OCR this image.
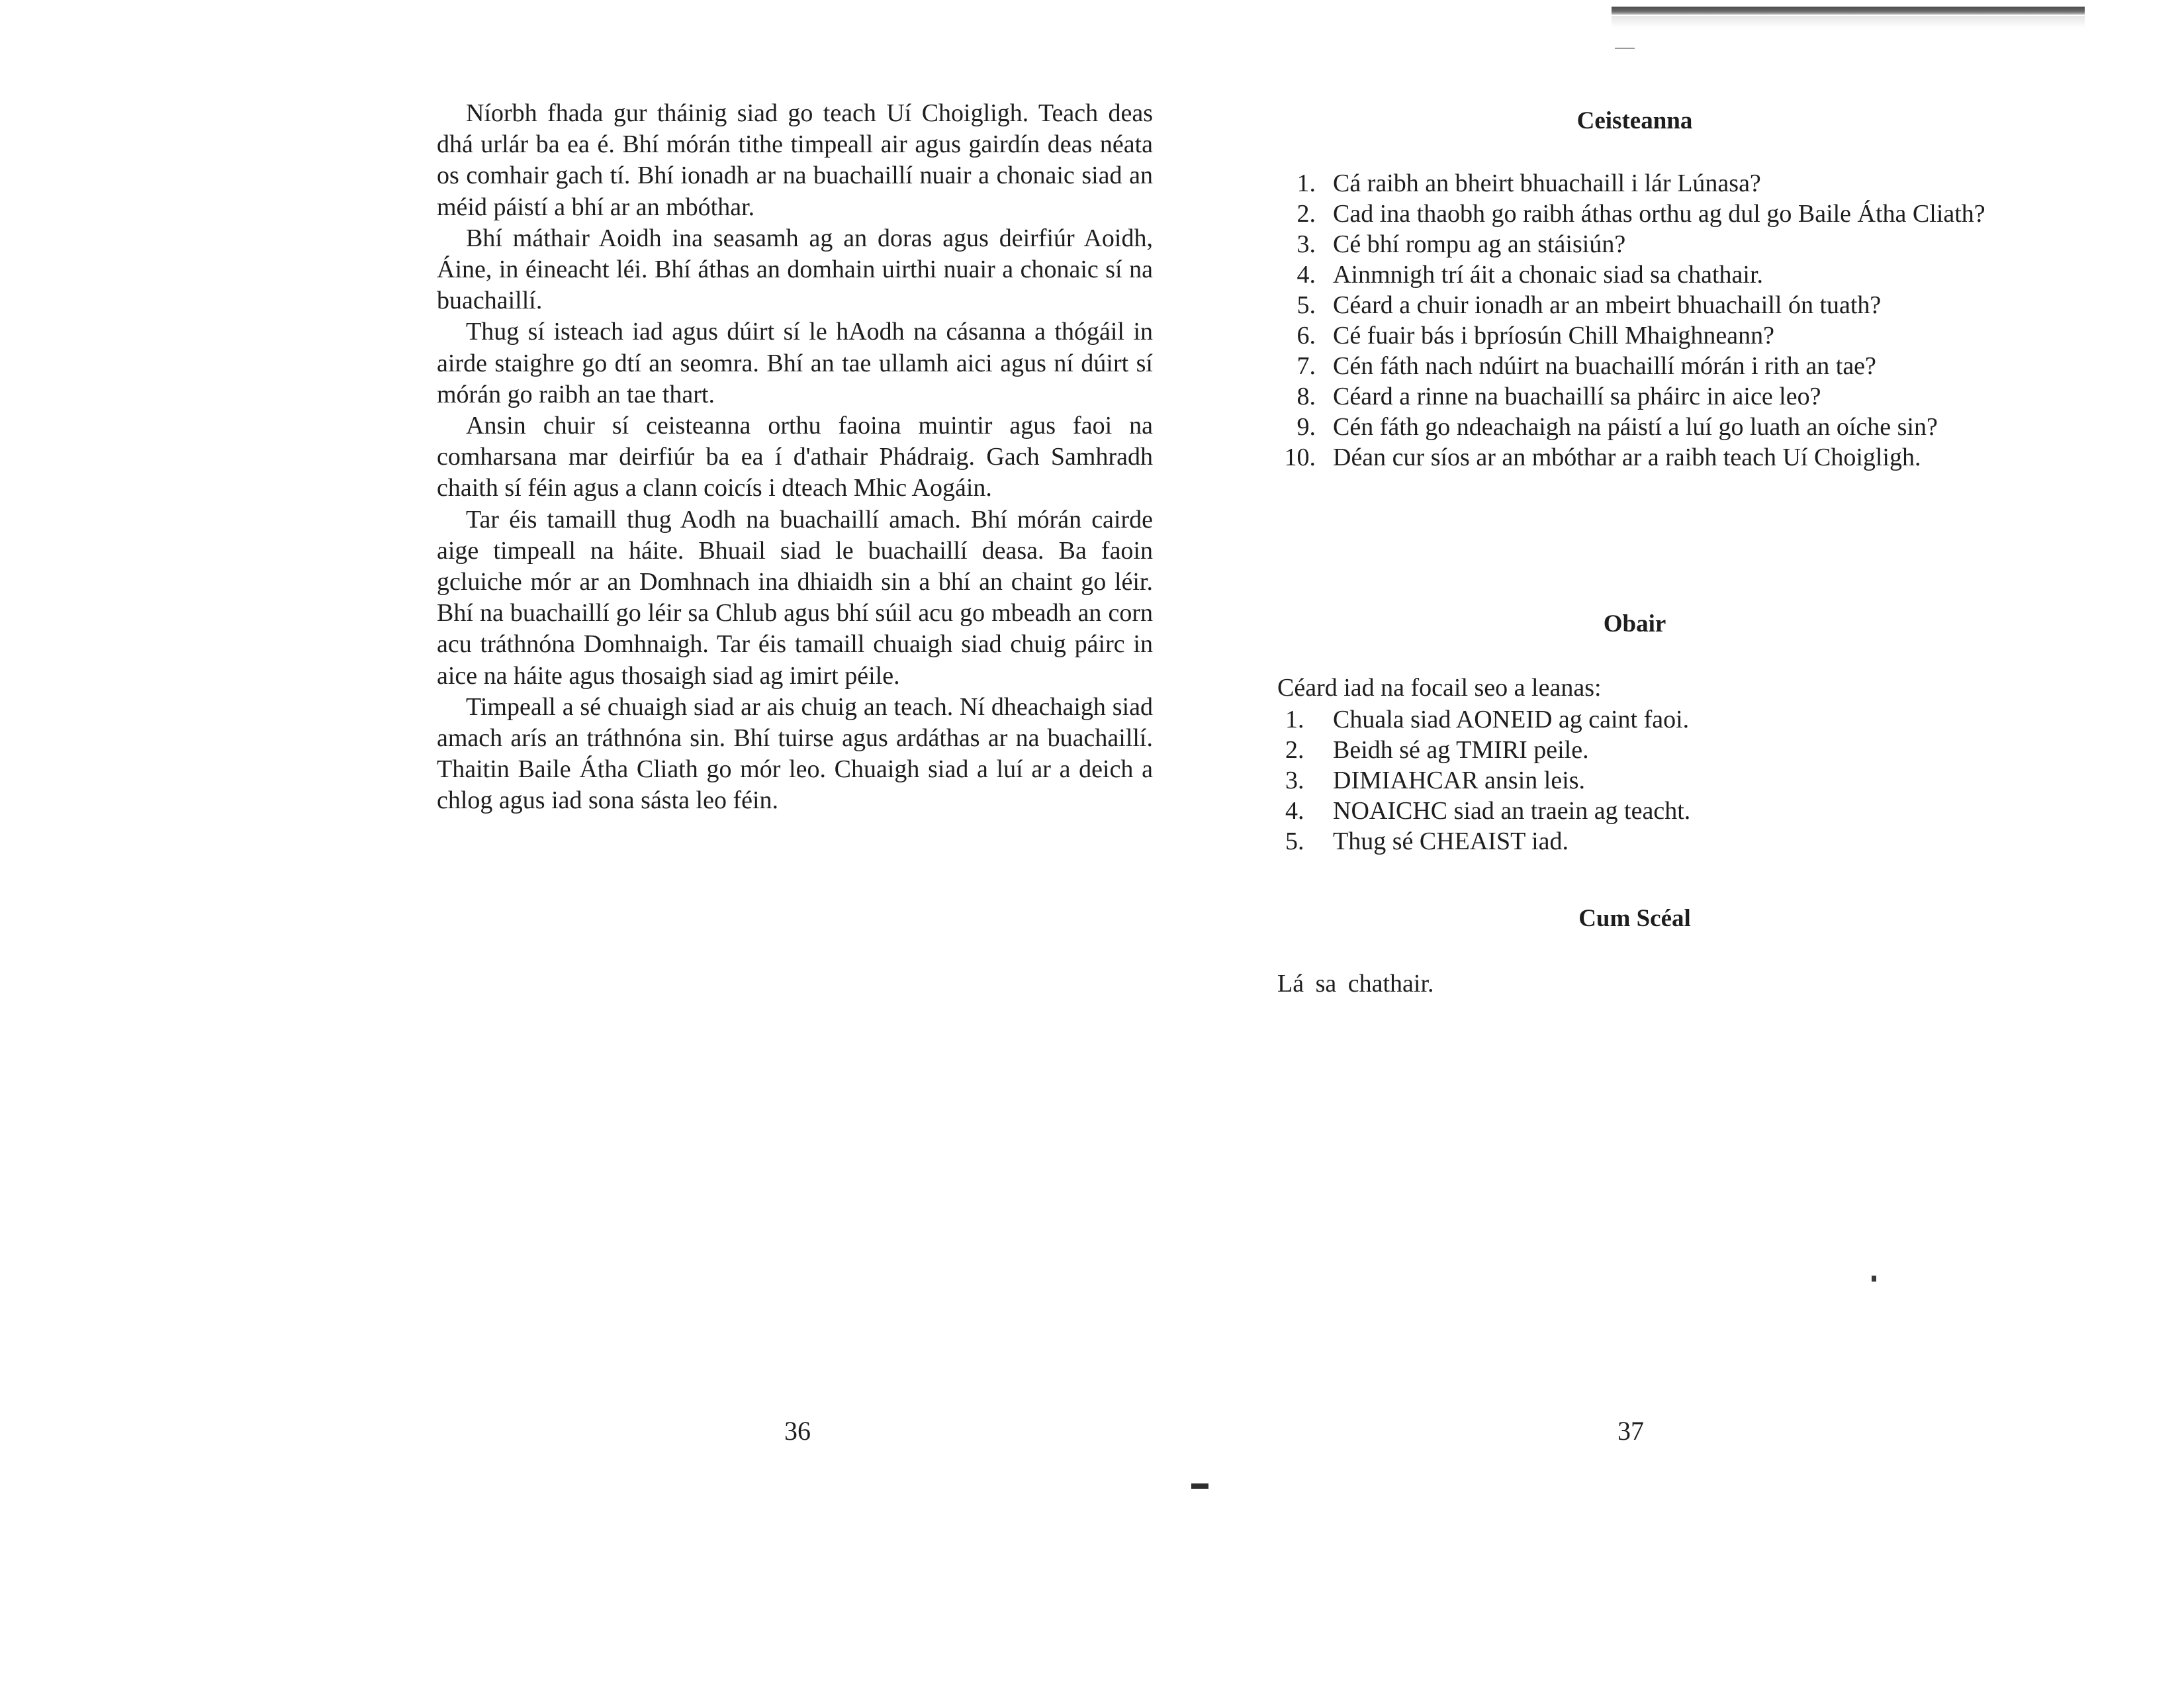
Níorbh fhada gur tháinig siad go teach Uí Choigligh. Teach deas dhá urlár ba ea é. Bhí mórán tithe timpeall air agus gairdín deas néata os comhair gach tí. Bhí ionadh ar na buachaillí nuair a chonaic siad an méid páistí a bhí ar an mbóthar.

Bhí máthair Aoidh ina seasamh ag an doras agus deirfiúr Aoidh, Áine, in éineacht léi. Bhí áthas an domhain uirthi nuair a chonaic sí na buachaillí.

Thug sí isteach iad agus dúirt sí le hAodh na cásanna a thógáil in airde staighre go dtí an seomra. Bhí an tae ullamh aici agus ní dúirt sí mórán go raibh an tae thart.

Ansin chuir sí ceisteanna orthu faoina muintir agus faoi na comharsana mar deirfiúr ba ea í d'athair Phádraig. Gach Samhradh chaith sí féin agus a clann coicís i dteach Mhic Aogáin.

Tar éis tamaill thug Aodh na buachaillí amach. Bhí mórán cairde aige timpeall na háite. Bhuail siad le buachaillí deasa. Ba faoin gcluiche mór ar an Domhnach ina dhiaidh sin a bhí an chaint go léir. Bhí na buachaillí go léir sa Chlub agus bhí súil acu go mbeadh an corn acu tráthnóna Domhnaigh. Tar éis tamaill chuaigh siad chuig páirc in aice na háite agus thosaigh siad ag imirt péile.

Timpeall a sé chuaigh siad ar ais chuig an teach. Ní dheachaigh siad amach arís an tráthnóna sin. Bhí tuirse agus ardáthas ar na buachaillí. Thaitin Baile Átha Cliath go mór leo. Chuaigh siad a luí ar a deich a chlog agus iad sona sásta leo féin.

Ceisteanna
1. Cá raibh an bheirt bhuachaill i lár Lúnasa?
2. Cad ina thaobh go raibh áthas orthu ag dul go Baile Átha Cliath?
3. Cé bhí rompu ag an stáisiún?
4. Ainmnigh trí áit a chonaic siad sa chathair.
5. Céard a chuir ionadh ar an mbeirt bhuachaill ón tuath?
6. Cé fuair bás i bpríosún Chill Mhaighneann?
7. Cén fáth nach ndúirt na buachaillí mórán i rith an tae?
8. Céard a rinne na buachaillí sa pháirc in aice leo?
9. Cén fáth go ndeachaigh na páistí a luí go luath an oíche sin?
10. Déan cur síos ar an mbóthar ar a raibh teach Uí Choigligh.
Obair

Céard iad na focail seo a leanas:

1.	Chuala siad AONEID ag caint faoi.
2.	Beidh sé ag TMIRI peile.
3.	DIMIAHCAR ansin leis.
4.	NOAICHC siad an traein ag teacht.
5.	Thug sé CHEAIST iad.
Cum Scéal

Lá sa chathair.

36	37
